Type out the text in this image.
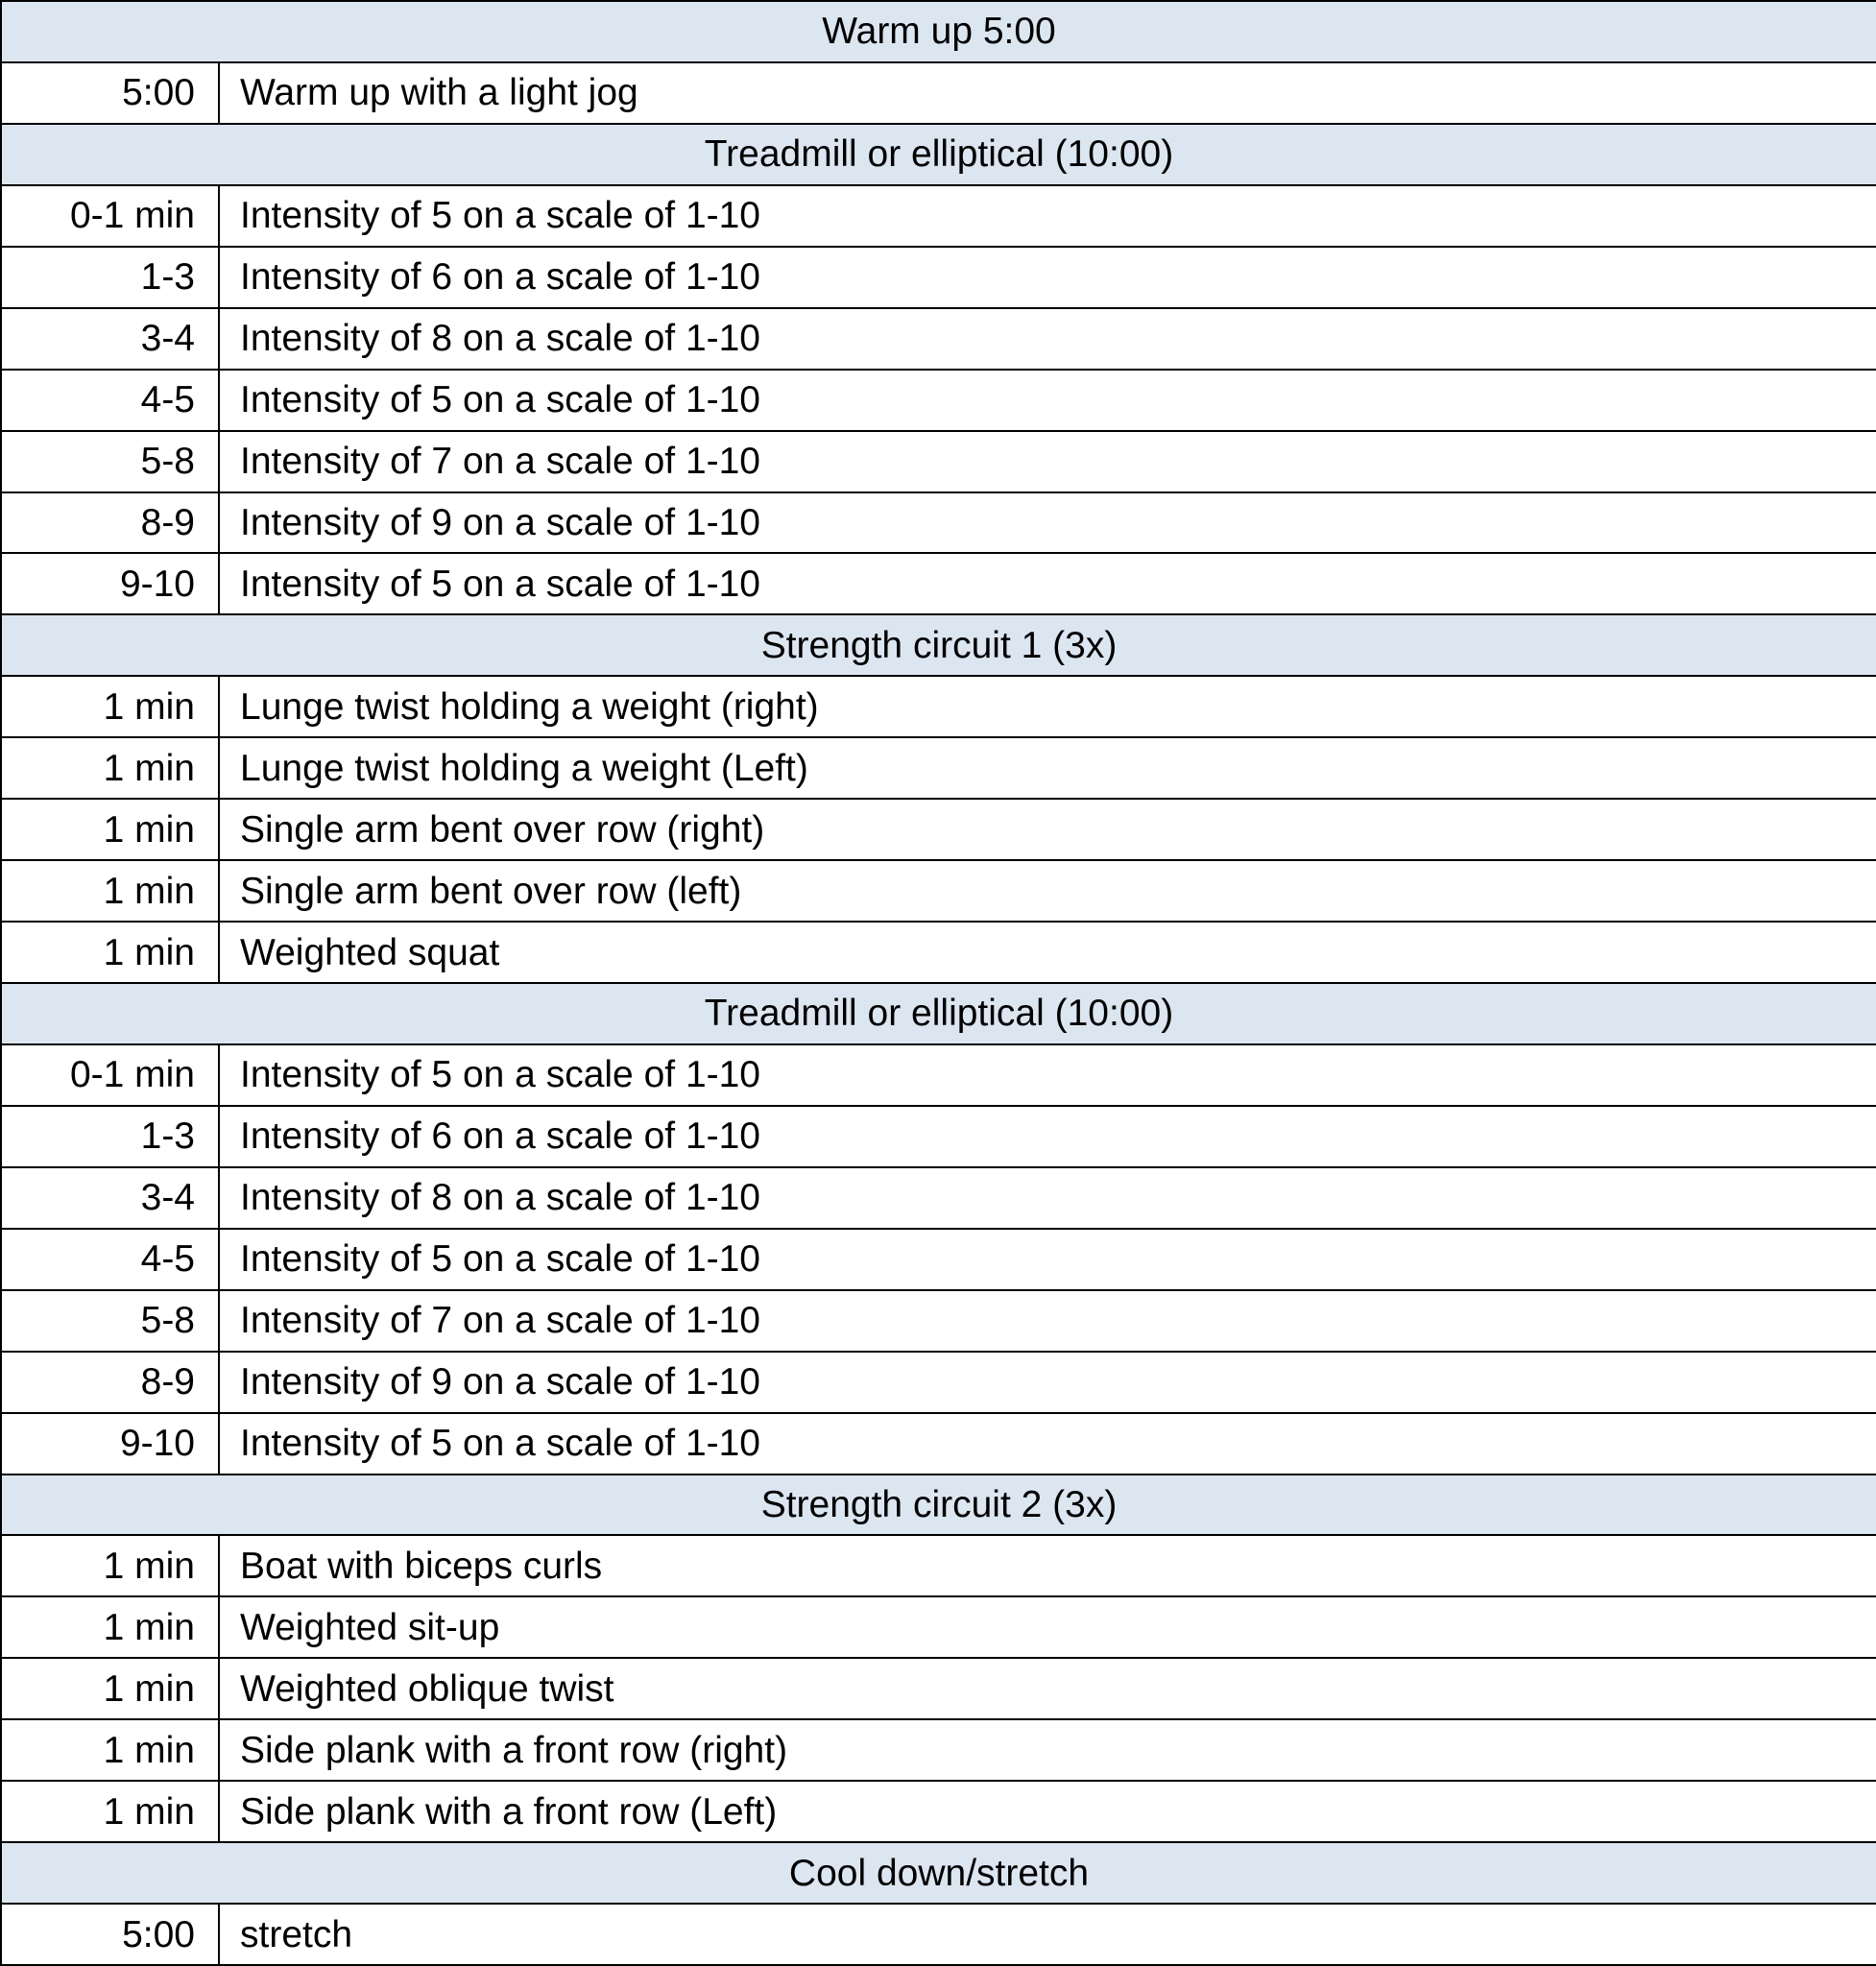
Warm up 5:00	
5:00	Warm up with a light jog
Treadmill or elliptical (10:00)	
0-1 min	Intensity of 5 on a scale of 1-10
1-3	Intensity of 6 on a scale of 1-10
3-4	Intensity of 8 on a scale of 1-10
4-5	Intensity of 5 on a scale of 1-10
5-8	Intensity of 7 on a scale of 1-10
8-9	Intensity of 9 on a scale of 1-10
9-10	Intensity of 5 on a scale of 1-10
Strength circuit 1 (3x)	
1 min	Lunge twist holding a weight (right)
1 min	Lunge twist holding a weight (Left)
1 min	Single arm bent over row (right)
1 min	Single arm bent over row (left)
1 min	Weighted squat
Treadmill or elliptical (10:00)	
0-1 min	Intensity of 5 on a scale of 1-10
1-3	Intensity of 6 on a scale of 1-10
3-4	Intensity of 8 on a scale of 1-10
4-5	Intensity of 5 on a scale of 1-10
5-8	Intensity of 7 on a scale of 1-10
8-9	Intensity of 9 on a scale of 1-10
9-10	Intensity of 5 on a scale of 1-10
Strength circuit 2 (3x)	
1 min	Boat with biceps curls
1 min	Weighted sit-up
1 min	Weighted oblique twist
1 min	Side plank with a front row (right)
1 min	Side plank with a front row (Left)
Cool down/stretch	
5:00	stretch
